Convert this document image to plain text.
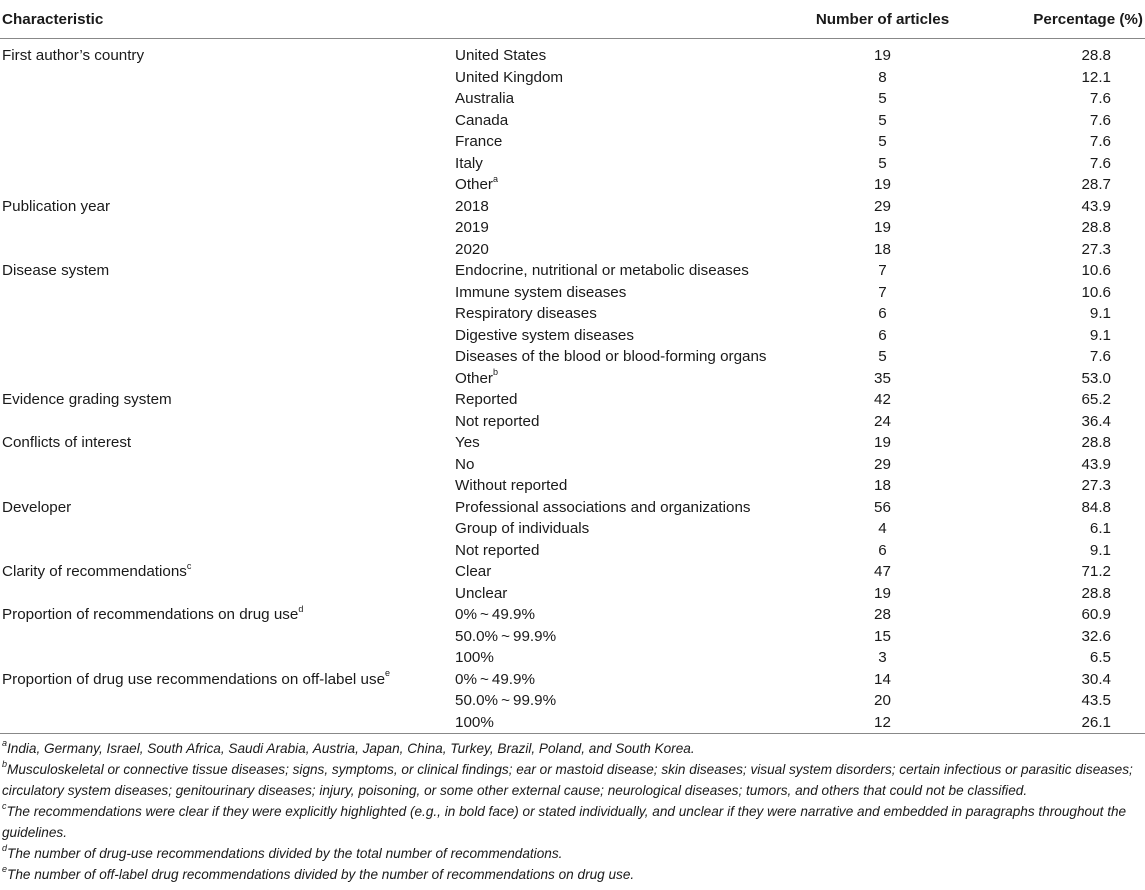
Characteristic		Number of articles	Percentage (%)
First author’s country	United States	19	28.8
	United Kingdom	8	12.1
	Australia	5	7.6
	Canada	5	7.6
	France	5	7.6
	Italy	5	7.6
	Other$^a$	19	28.7
Publication year	2018	29	43.9
	2019	19	28.8
	2020	18	27.3
Disease system	Endocrine, nutritional or metabolic diseases	7	10.6
	Immune system diseases	7	10.6
	Respiratory diseases	6	9.1
	Digestive system diseases	6	9.1
	Diseases of the blood or blood-forming organs	5	7.6
	Other$^b$	35	53.0
Evidence grading system	Reported	42	65.2
	Not reported	24	36.4
Conflicts of interest	Yes	19	28.8
	No	29	43.9
	Without reported	18	27.3
Developer	Professional associations and organizations	56	84.8
	Group of individuals	4	6.1
	Not reported	6	9.1
Clarity of recommendations$^c$	Clear	47	71.2
	Unclear	19	28.8
Proportion of recommendations on drug use$^d$	0% ~ 49.9%	28	60.9
	50.0% ~ 99.9%	15	32.6
	100%	3	6.5
Proportion of drug use recommendations on off-label use$^e$	0% ~ 49.9%	14	30.4
	50.0% ~ 99.9%	20	43.5
	100%	12	26.1

$^a$India, Germany, Israel, South Africa, Saudi Arabia, Austria, Japan, China, Turkey, Brazil, Poland, and South Korea.

$^b$Musculoskeletal or connective tissue diseases; signs, symptoms, or clinical findings; ear or mastoid disease; skin diseases; visual system disorders; certain infectious or parasitic diseases; circulatory system diseases; genitourinary diseases; injury, poisoning, or some other external cause; neurological diseases; tumors, and others that could not be classified.

$^c$The recommendations were clear if they were explicitly highlighted (e.g., in bold face) or stated individually, and unclear if they were narrative and embedded in paragraphs throughout the guidelines.

$^d$The number of drug-use recommendations divided by the total number of recommendations.

$^e$The number of off-label drug recommendations divided by the number of recommendations on drug use.
